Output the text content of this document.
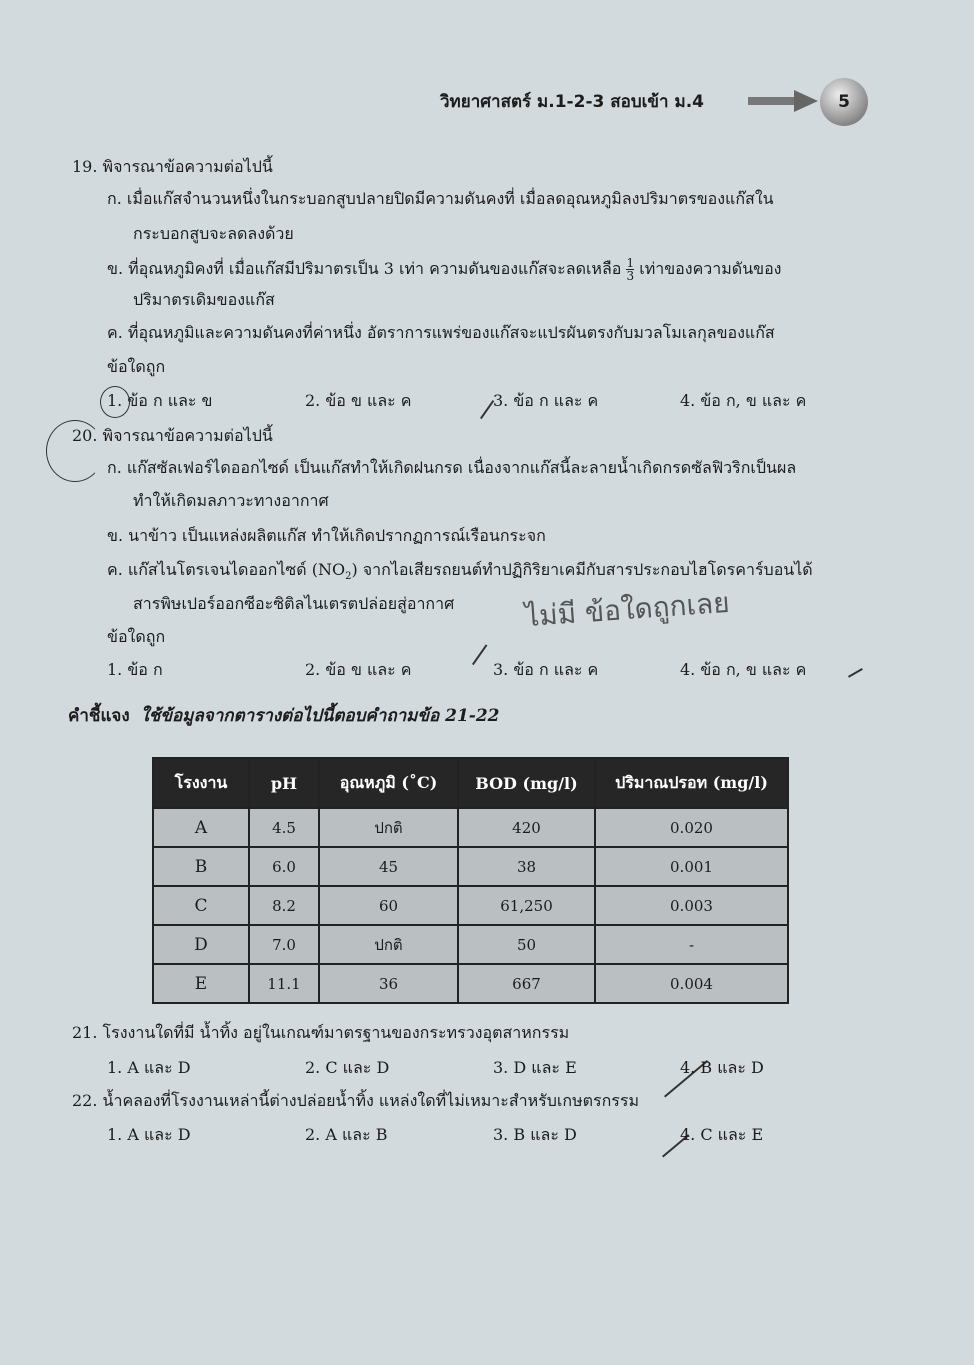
วิทยาศาสตร์ ม.1-2-3 สอบเข้า ม.4	5
19. พิจารณาข้อความต่อไปนี้
ก. เมื่อแก๊สจำนวนหนึ่งในกระบอกสูบปลายปิดมีความดันคงที่ เมื่อลดอุณหภูมิลงปริมาตรของแก๊สใน
กระบอกสูบจะลดลงด้วย
ข. ที่อุณหภูมิคงที่ เมื่อแก๊สมีปริมาตรเป็น 3 เท่า ความดันของแก๊สจะลดเหลือ $\frac{1}{3}$ เท่าของความดันของ
ปริมาตรเดิมของแก๊ส
ค. ที่อุณหภูมิและความดันคงที่ค่าหนึ่ง อัตราการแพร่ของแก๊สจะแปรผันตรงกับมวลโมเลกุลของแก๊ส
ข้อใดถูก
1. ข้อ ก และ ข	2. ข้อ ข และ ค	3. ข้อ ก และ ค	4. ข้อ ก, ข และ ค
20. พิจารณาข้อความต่อไปนี้
ก. แก๊สซัลเฟอร์ไดออกไซด์ เป็นแก๊สทำให้เกิดฝนกรด เนื่องจากแก๊สนี้ละลายน้ำเกิดกรดซัลฟิวริกเป็นผล
ทำให้เกิดมลภาวะทางอากาศ
ข. นาข้าว เป็นแหล่งผลิตแก๊ส ทำให้เกิดปรากฏการณ์เรือนกระจก
ค. แก๊สไนโตรเจนไดออกไซด์ $(NO_2)$ จากไอเสียรถยนต์ทำปฏิกิริยาเคมีกับสารประกอบไฮโดรคาร์บอนได้
สารพิษเปอร์ออกซีอะซิติลไนเตรตปล่อยสู่อากาศ ไม่มี ข้อใดถูกเลย
ข้อใดถูก
1. ข้อ ก	2. ข้อ ข และ ค	3. ข้อ ก และ ค	4. ข้อ ก, ข และ ค
คำชี้แจง ใช้ข้อมูลจากตารางต่อไปนี้ตอบคำถามข้อ 21-22
โรงงาน	pH	อุณหภูมิ (˚C)	BOD (mg/l)	ปริมาณปรอท (mg/l)
A	4.5	ปกติ	420	0.020
B	6.0	45	38	0.001
C	8.2	60	61,250	0.003
D	7.0	ปกติ	50	-
E	11.1	36	667	0.004
21. โรงงานใดที่มี น้ำทิ้ง อยู่ในเกณฑ์มาตรฐานของกระทรวงอุตสาหกรรม
1. A และ D	2. C และ D	3. D และ E	4. B และ D
22. น้ำคลองที่โรงงานเหล่านี้ต่างปล่อยน้ำทิ้ง แหล่งใดที่ไม่เหมาะสำหรับเกษตรกรรม
1. A และ D	2. A และ B	3. B และ D	4. C และ E
